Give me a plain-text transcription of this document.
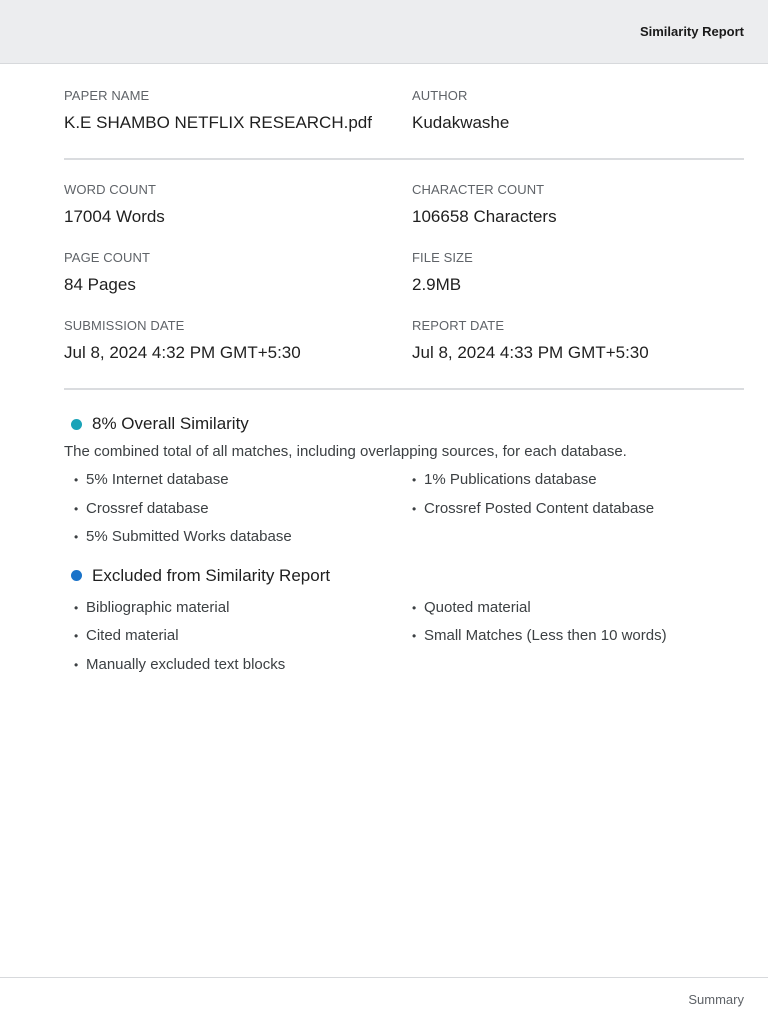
Similarity Report
PAPER NAME
K.E SHAMBO NETFLIX RESEARCH.pdf
AUTHOR
Kudakwashe
WORD COUNT
17004 Words
CHARACTER COUNT
106658 Characters
PAGE COUNT
84 Pages
FILE SIZE
2.9MB
SUBMISSION DATE
Jul 8, 2024 4:32 PM GMT+5:30
REPORT DATE
Jul 8, 2024 4:33 PM GMT+5:30
8% Overall Similarity
The combined total of all matches, including overlapping sources, for each database.
• 5% Internet database	• 1% Publications database
• Crossref database	• Crossref Posted Content database
• 5% Submitted Works database
Excluded from Similarity Report
• Bibliographic material	• Quoted material
• Cited material	• Small Matches (Less then 10 words)
• Manually excluded text blocks
Summary
